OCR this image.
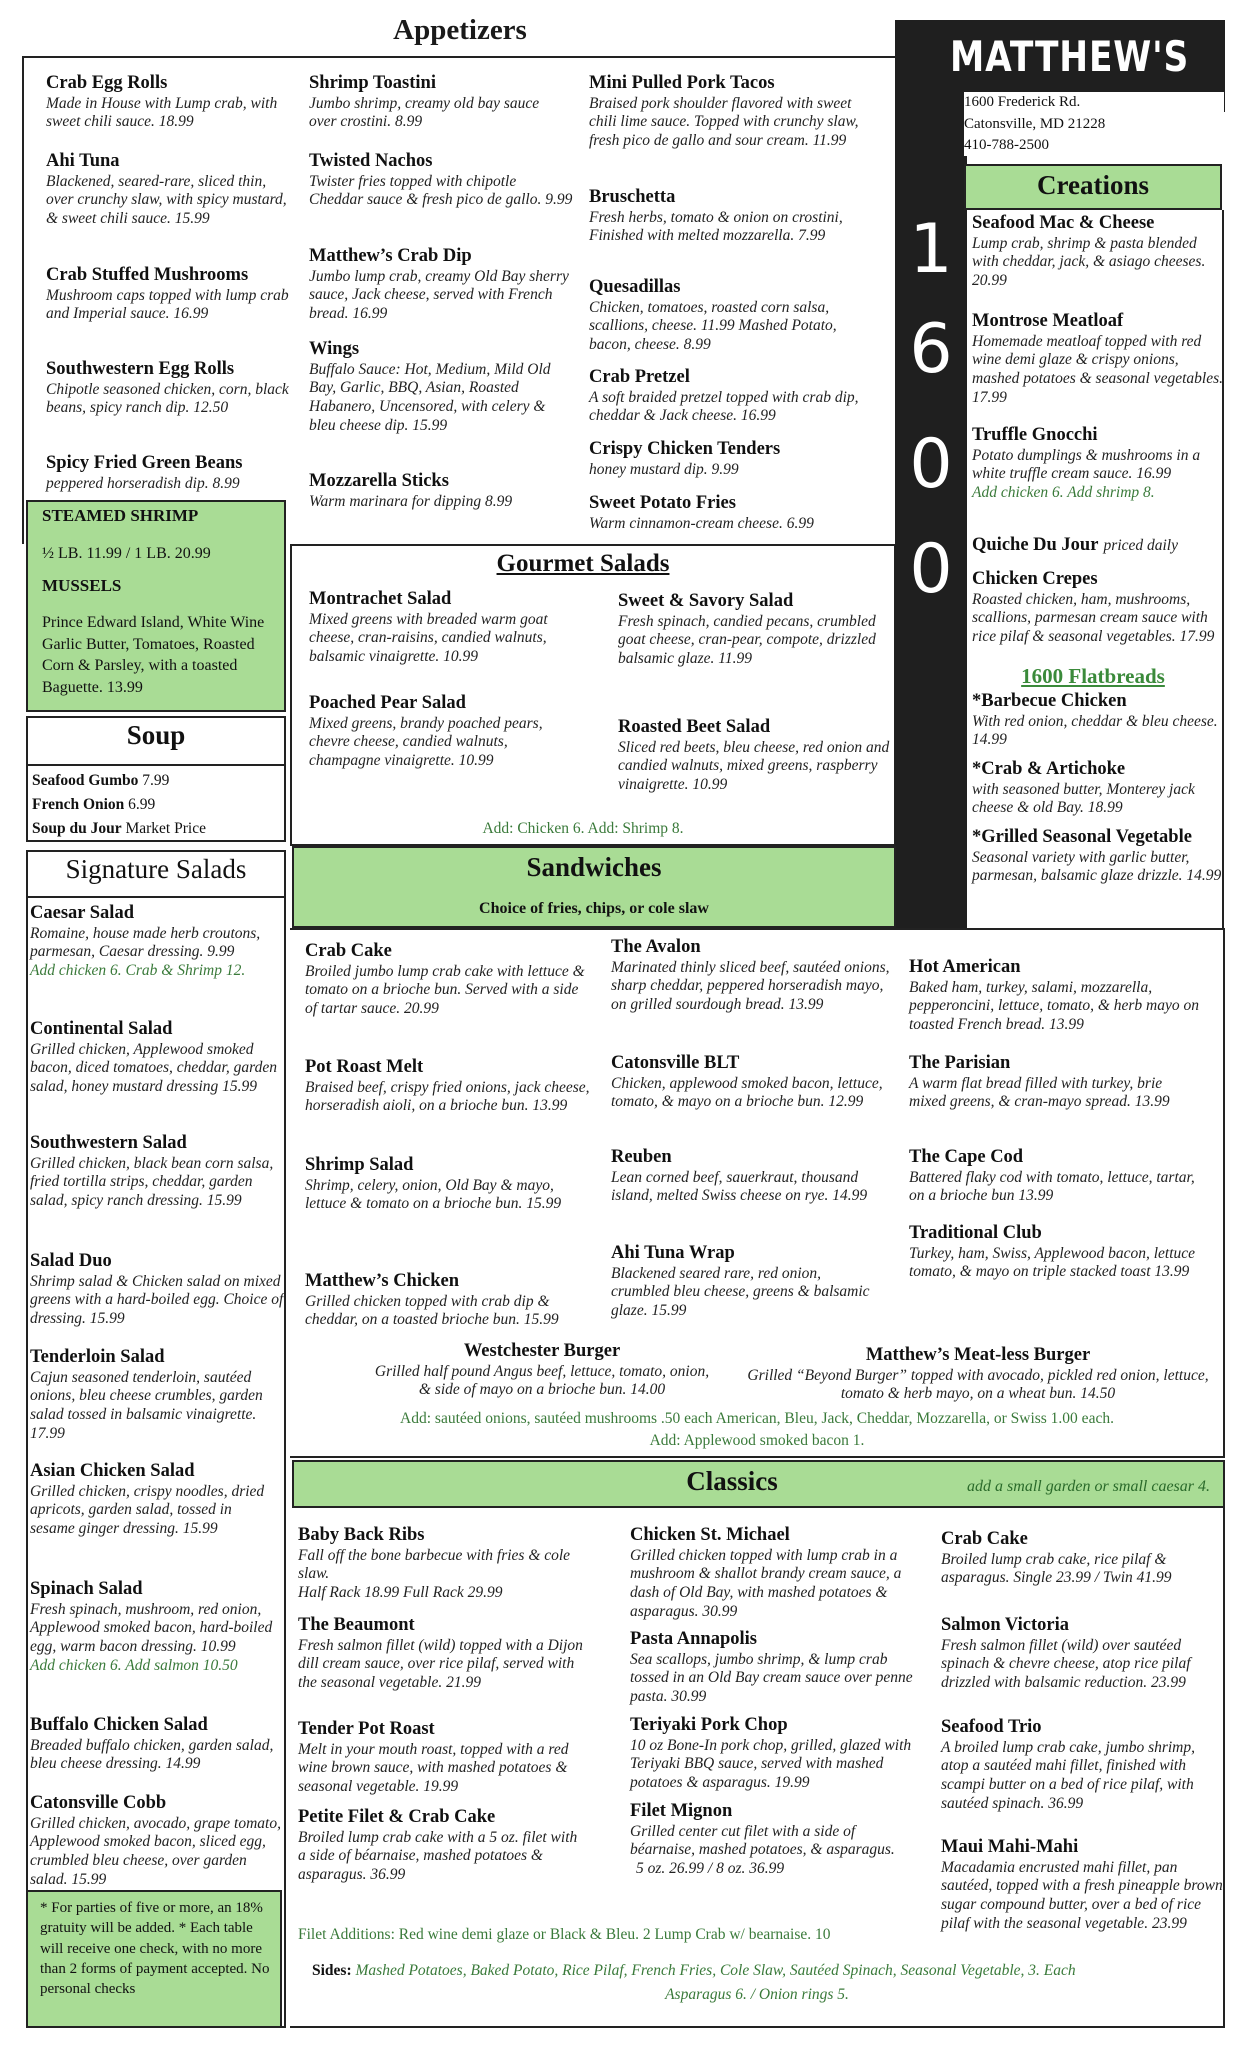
Appetizers
Crab Egg Rolls
Made in House with Lump crab, with sweet chili sauce. 18.99
Ahi Tuna
Blackened, seared-rare, sliced thin, over crunchy slaw, with spicy mustard, & sweet chili sauce. 15.99
Crab Stuffed Mushrooms
Mushroom caps topped with lump crab and Imperial sauce. 16.99
Southwestern Egg Rolls
Chipotle seasoned chicken, corn, black beans, spicy ranch dip. 12.50
Spicy Fried Green Beans
peppered horseradish dip. 8.99
Shrimp Toastini
Jumbo shrimp, creamy old bay sauce over crostini. 8.99
Twisted Nachos
Twister fries topped with chipotle Cheddar sauce & fresh pico de gallo. 9.99
Matthew’s Crab Dip
Jumbo lump crab, creamy Old Bay sherry sauce, Jack cheese, served with French bread. 16.99
Wings
Buffalo Sauce: Hot, Medium, Mild Old Bay, Garlic, BBQ, Asian, Roasted Habanero, Uncensored, with celery & bleu cheese dip. 15.99
Mozzarella Sticks
Warm marinara for dipping 8.99
Mini Pulled Pork Tacos
Braised pork shoulder flavored with sweet chili lime sauce. Topped with crunchy slaw, fresh pico de gallo and sour cream. 11.99
Bruschetta
Fresh herbs, tomato & onion on crostini, Finished with melted mozzarella. 7.99
Quesadillas
Chicken, tomatoes, roasted corn salsa, scallions, cheese. 11.99 Mashed Potato, bacon, cheese. 8.99
Crab Pretzel
A soft braided pretzel topped with crab dip, cheddar & Jack cheese. 16.99
Crispy Chicken Tenders
honey mustard dip. 9.99
Sweet Potato Fries
Warm cinnamon-cream cheese. 6.99
STEAMED SHRIMP
½ LB. 11.99 / 1 LB. 20.99
MUSSELS
Prince Edward Island, White Wine Garlic Butter, Tomatoes, Roasted Corn & Parsley, with a toasted Baguette. 13.99
Soup
Seafood Gumbo 7.99
French Onion 6.99
Soup du Jour Market Price
Signature Salads
Caesar Salad
Romaine, house made herb croutons, parmesan, Caesar dressing. 9.99
Add chicken 6. Crab & Shrimp 12.
Continental Salad
Grilled chicken, Applewood smoked bacon, diced tomatoes, cheddar, garden salad, honey mustard dressing 15.99
Southwestern Salad
Grilled chicken, black bean corn salsa, fried tortilla strips, cheddar, garden salad, spicy ranch dressing. 15.99
Salad Duo
Shrimp salad & Chicken salad on mixed greens with a hard-boiled egg. Choice of dressing. 15.99
Tenderloin Salad
Cajun seasoned tenderloin, sautéed onions, bleu cheese crumbles, garden salad tossed in balsamic vinaigrette. 17.99
Asian Chicken Salad
Grilled chicken, crispy noodles, dried apricots, garden salad, tossed in sesame ginger dressing. 15.99
Spinach Salad
Fresh spinach, mushroom, red onion, Applewood smoked bacon, hard-boiled egg, warm bacon dressing. 10.99
Add chicken 6. Add salmon 10.50
Buffalo Chicken Salad
Breaded buffalo chicken, garden salad, bleu cheese dressing. 14.99
Catonsville Cobb
Grilled chicken, avocado, grape tomato, Applewood smoked bacon, sliced egg, crumbled bleu cheese, over garden salad. 15.99
* For parties of five or more, an 18% gratuity will be added. * Each table will receive one check, with no more than 2 forms of payment accepted. No personal checks
Gourmet Salads
Montrachet Salad
Mixed greens with breaded warm goat cheese, cran-raisins, candied walnuts, balsamic vinaigrette. 10.99
Poached Pear Salad
Mixed greens, brandy poached pears, chevre cheese, candied walnuts, champagne vinaigrette. 10.99
Sweet & Savory Salad
Fresh spinach, candied pecans, crumbled goat cheese, cran-pear, compote, drizzled balsamic glaze. 11.99
Roasted Beet Salad
Sliced red beets, bleu cheese, red onion and candied walnuts, mixed greens, raspberry vinaigrette. 10.99
Add: Chicken 6. Add: Shrimp 8.
MATTHEW'S
1600 Frederick Rd.
Catonsville, MD 21228
410-788-2500
1
6
0
0
Creations
Seafood Mac & Cheese
Lump crab, shrimp & pasta blended with cheddar, jack, & asiago cheeses. 20.99
Montrose Meatloaf
Homemade meatloaf topped with red wine demi glaze & crispy onions, mashed potatoes & seasonal vegetables. 17.99
Truffle Gnocchi
Potato dumplings & mushrooms in a white truffle cream sauce. 16.99
Add chicken 6. Add shrimp 8.
Quiche Du Jour priced daily
Chicken Crepes
Roasted chicken, ham, mushrooms, scallions, parmesan cream sauce with rice pilaf & seasonal vegetables. 17.99
1600 Flatbreads
*Barbecue Chicken
With red onion, cheddar & bleu cheese. 14.99
*Crab & Artichoke
with seasoned butter, Monterey jack cheese & old Bay. 18.99
*Grilled Seasonal Vegetable
Seasonal variety with garlic butter, parmesan, balsamic glaze drizzle. 14.99
Sandwiches
Choice of fries, chips, or cole slaw
Crab Cake
Broiled jumbo lump crab cake with lettuce & tomato on a brioche bun. Served with a side of tartar sauce. 20.99
Pot Roast Melt
Braised beef, crispy fried onions, jack cheese, horseradish aioli, on a brioche bun. 13.99
Shrimp Salad
Shrimp, celery, onion, Old Bay & mayo, lettuce & tomato on a brioche bun. 15.99
Matthew’s Chicken
Grilled chicken topped with crab dip & cheddar, on a toasted brioche bun. 15.99
The Avalon
Marinated thinly sliced beef, sautéed onions, sharp cheddar, peppered horseradish mayo, on grilled sourdough bread. 13.99
Catonsville BLT
Chicken, applewood smoked bacon, lettuce, tomato, & mayo on a brioche bun. 12.99
Reuben
Lean corned beef, sauerkraut, thousand island, melted Swiss cheese on rye. 14.99
Ahi Tuna Wrap
Blackened seared rare, red onion, crumbled bleu cheese, greens & balsamic glaze. 15.99
Hot American
Baked ham, turkey, salami, mozzarella, pepperoncini, lettuce, tomato, & herb mayo on toasted French bread. 13.99
The Parisian
A warm flat bread filled with turkey, brie mixed greens, & cran-mayo spread. 13.99
The Cape Cod
Battered flaky cod with tomato, lettuce, tartar, on a brioche bun 13.99
Traditional Club
Turkey, ham, Swiss, Applewood bacon, lettuce tomato, & mayo on triple stacked toast 13.99
Westchester Burger
Grilled half pound Angus beef, lettuce, tomato, onion, & side of mayo on a brioche bun. 14.00
Matthew’s Meat-less Burger
Grilled “Beyond Burger” topped with avocado, pickled red onion, lettuce, tomato & herb mayo, on a wheat bun. 14.50
Add: sautéed onions, sautéed mushrooms .50 each American, Bleu, Jack, Cheddar, Mozzarella, or Swiss 1.00 each.
Add: Applewood smoked bacon 1.
Classics	add a small garden or small caesar 4.
Baby Back Ribs
Fall off the bone barbecue with fries & cole slaw.
Half Rack 18.99 Full Rack 29.99
The Beaumont
Fresh salmon fillet (wild) topped with a Dijon dill cream sauce, over rice pilaf, served with the seasonal vegetable. 21.99
Tender Pot Roast
Melt in your mouth roast, topped with a red wine brown sauce, with mashed potatoes & seasonal vegetable. 19.99
Petite Filet & Crab Cake
Broiled lump crab cake with a 5 oz. filet with a side of béarnaise, mashed potatoes & asparagus. 36.99
Chicken St. Michael
Grilled chicken topped with lump crab in a mushroom & shallot brandy cream sauce, a dash of Old Bay, with mashed potatoes & asparagus. 30.99
Pasta Annapolis
Sea scallops, jumbo shrimp, & lump crab tossed in an Old Bay cream sauce over penne pasta. 30.99
Teriyaki Pork Chop
10 oz Bone-In pork chop, grilled, glazed with Teriyaki BBQ sauce, served with mashed potatoes & asparagus. 19.99
Filet Mignon
Grilled center cut filet with a side of béarnaise, mashed potatoes, & asparagus.
5 oz. 26.99 / 8 oz. 36.99
Crab Cake
Broiled lump crab cake, rice pilaf & asparagus. Single 23.99 / Twin 41.99
Salmon Victoria
Fresh salmon fillet (wild) over sautéed spinach & chevre cheese, atop rice pilaf drizzled with balsamic reduction. 23.99
Seafood Trio
A broiled lump crab cake, jumbo shrimp, atop a sautéed mahi fillet, finished with scampi butter on a bed of rice pilaf, with sautéed spinach. 36.99
Maui Mahi-Mahi
Macadamia encrusted mahi fillet, pan sautéed, topped with a fresh pineapple brown sugar compound butter, over a bed of rice pilaf with the seasonal vegetable. 23.99
Filet Additions: Red wine demi glaze or Black & Bleu. 2 Lump Crab w/ bearnaise. 10
Sides: Mashed Potatoes, Baked Potato, Rice Pilaf, French Fries, Cole Slaw, Sautéed Spinach, Seasonal Vegetable, 3. Each
Asparagus 6. / Onion rings 5.
